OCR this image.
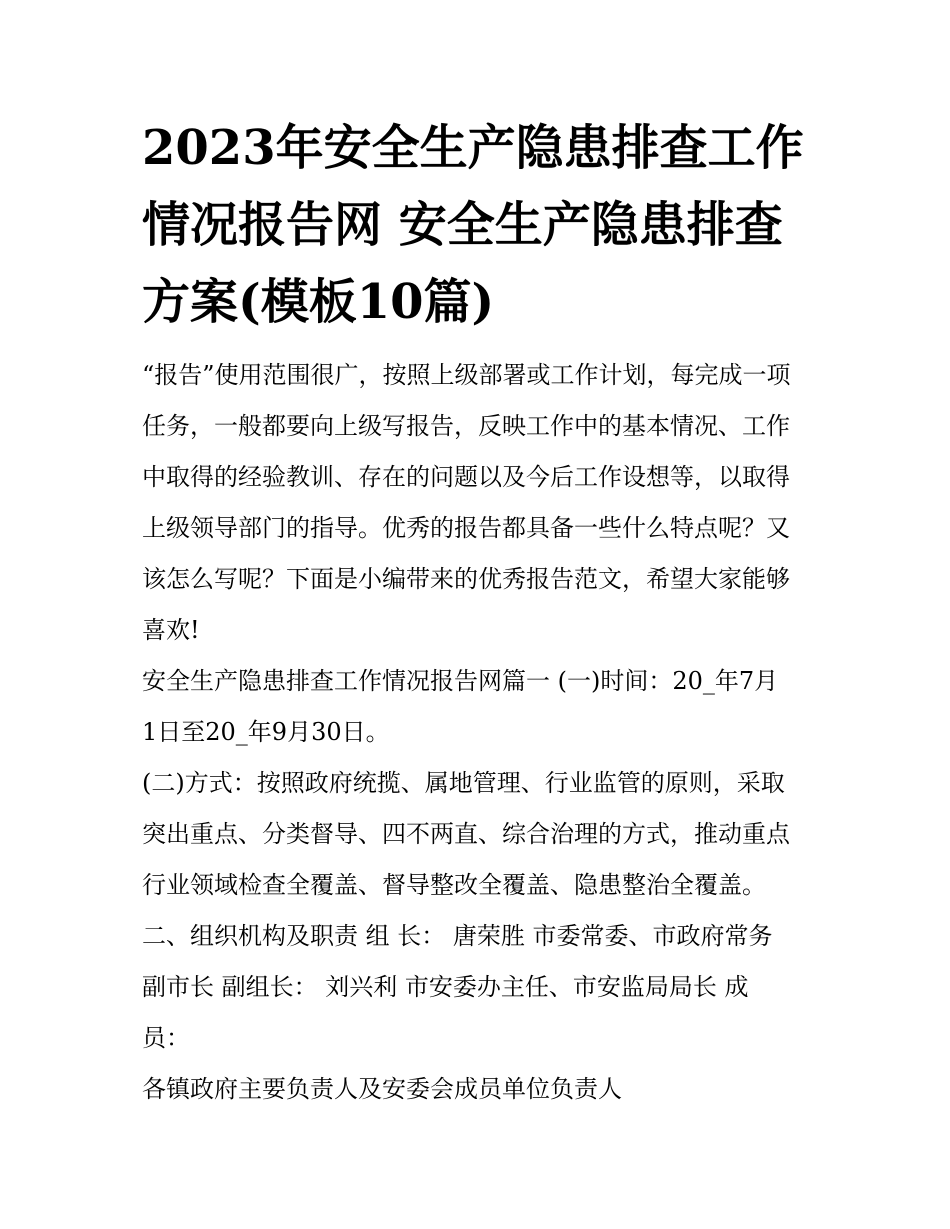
2023年安全生产隐患排查工作
情况报告网 安全生产隐患排查
方案(模板10篇)

“报告”使用范围很广，按照上级部署或工作计划，每完成一项
任务，一般都要向上级写报告，反映工作中的基本情况、工作
中取得的经验教训、存在的问题以及今后工作设想等，以取得
上级领导部门的指导。优秀的报告都具备一些什么特点呢？又
该怎么写呢？下面是小编带来的优秀报告范文，希望大家能够
喜欢!

安全生产隐患排查工作情况报告网篇一 (一)时间：20_年7月
1日至20_年9月30日。

(二)方式：按照政府统揽、属地管理、行业监管的原则，采取
突出重点、分类督导、四不两直、综合治理的方式，推动重点
行业领域检查全覆盖、督导整改全覆盖、隐患整治全覆盖。

二、组织机构及职责 组 长： 唐荣胜 市委常委、市政府常务
副市长 副组长： 刘兴利 市安委办主任、市安监局局长 成
员：

各镇政府主要负责人及安委会成员单位负责人
